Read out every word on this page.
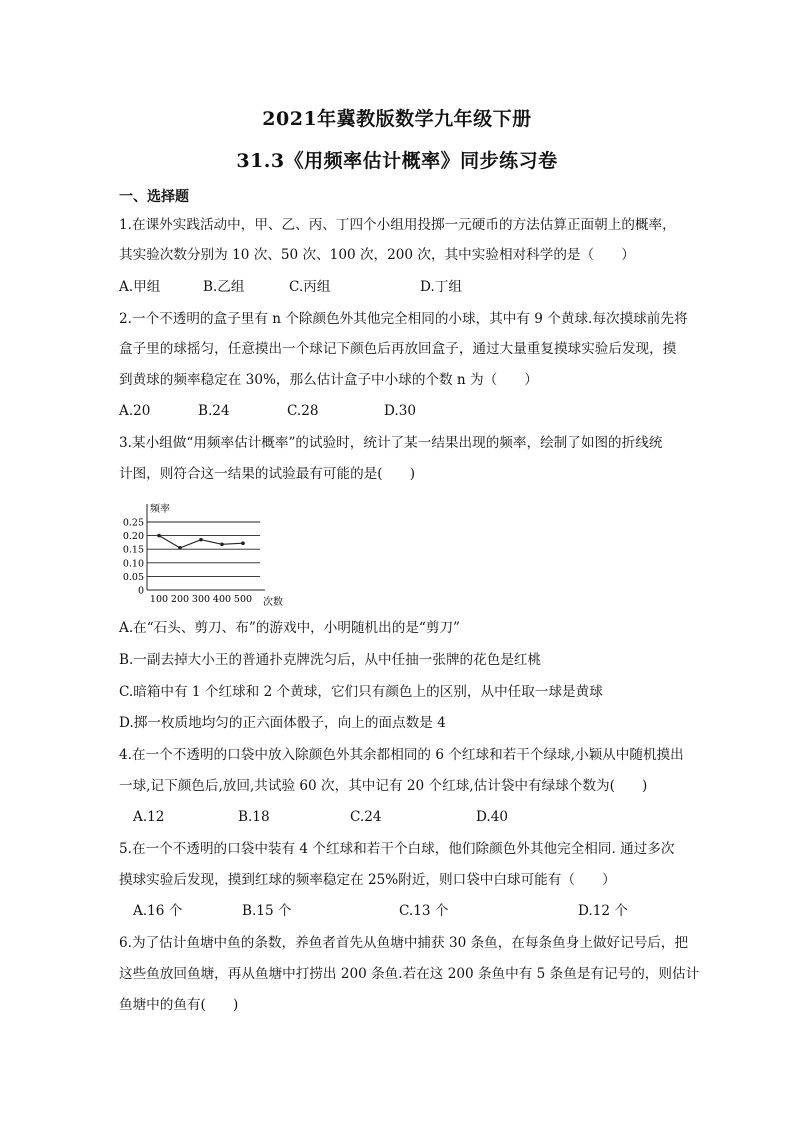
2021年冀教版数学九年级下册
31.3《用频率估计概率》同步练习卷
一、选择题
1.在课外实践活动中，甲、乙、丙、丁四个小组用投掷一元硬币的方法估算正面朝上的概率，
其实验次数分别为 10 次、50 次、100 次，200 次，其中实验相对科学的是（　　）
A.甲组	B.乙组	C.丙组	D.丁组
2.一个不透明的盒子里有 n 个除颜色外其他完全相同的小球，其中有 9 个黄球.每次摸球前先将
盒子里的球摇匀，任意摸出一个球记下颜色后再放回盒子，通过大量重复摸球实验后发现，摸
到黄球的频率稳定在 30%，那么估计盒子中小球的个数 n 为（　　）
A.20	B.24	C.28	D.30
3.某小组做“用频率估计概率”的试验时，统计了某一结果出现的频率，绘制了如图的折线统
计图，则符合这一结果的试验最有可能的是(　　)
频率
次数
0.25
0.20
0.15
0.10
0.05
0
100 200 300 400 500
A.在“石头、剪刀、布”的游戏中，小明随机出的是“剪刀”
B.一副去掉大小王的普通扑克牌洗匀后，从中任抽一张牌的花色是红桃
C.暗箱中有 1 个红球和 2 个黄球，它们只有颜色上的区别，从中任取一球是黄球
D.掷一枚质地均匀的正六面体骰子，向上的面点数是 4
4.在一个不透明的口袋中放入除颜色外其余都相同的 6 个红球和若干个绿球,小颖从中随机摸出
一球,记下颜色后,放回,共试验 60 次，其中记有 20 个红球,估计袋中有绿球个数为(　　)
A.12	B.18	C.24	D.40
5.在一个不透明的口袋中装有 4 个红球和若干个白球，他们除颜色外其他完全相同. 通过多次
摸球实验后发现，摸到红球的频率稳定在 25%附近，则口袋中白球可能有（　　）
A.16 个	B.15 个	C.13 个	D.12 个
6.为了估计鱼塘中鱼的条数，养鱼者首先从鱼塘中捕获 30 条鱼，在每条鱼身上做好记号后，把
这些鱼放回鱼塘，再从鱼塘中打捞出 200 条鱼.若在这 200 条鱼中有 5 条鱼是有记号的，则估计
鱼塘中的鱼有(　　)
